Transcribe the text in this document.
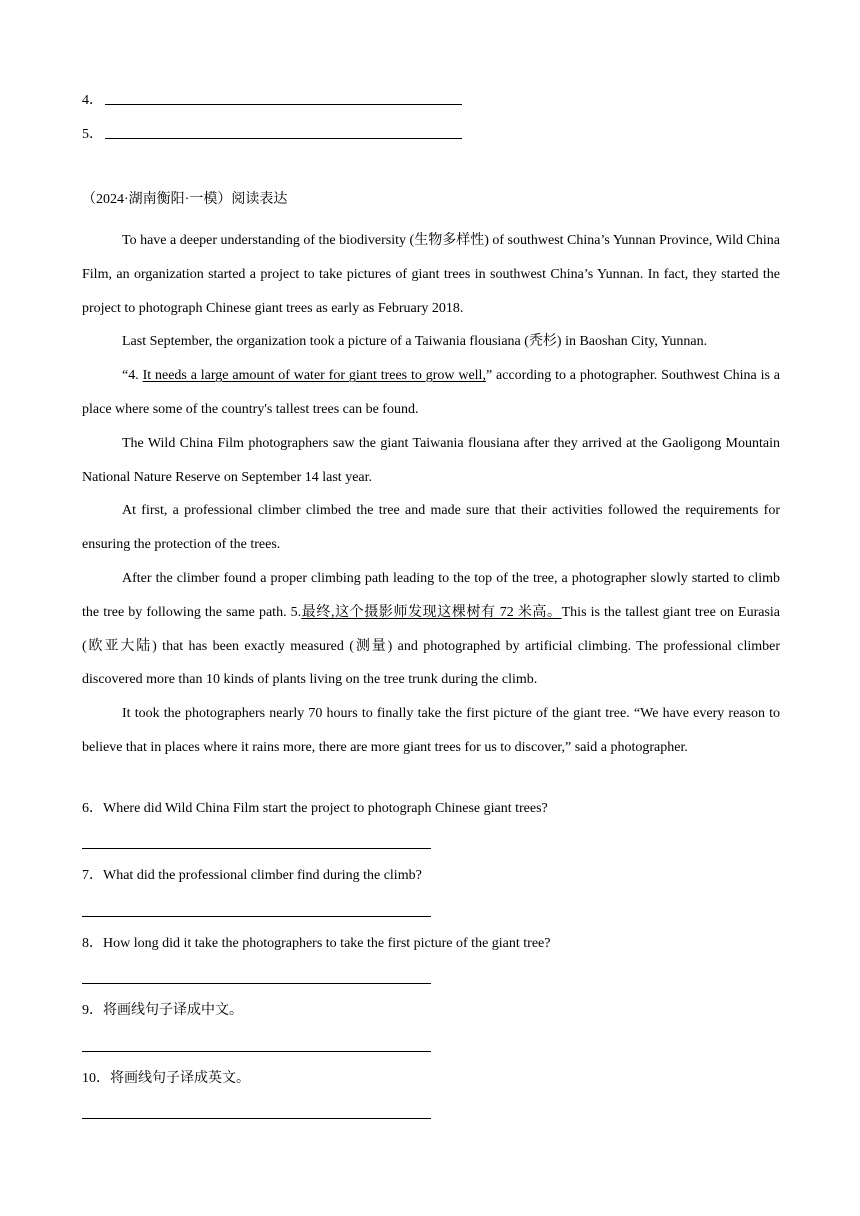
4．
5．
（2024·湖南衡阳·一模）阅读表达

To have a deeper understanding of the biodiversity (生物多样性) of southwest China’s Yunnan Province, Wild China Film, an organization started a project to take pictures of giant trees in southwest China’s Yunnan. In fact, they started the project to photograph Chinese giant trees as early as February 2018.

Last September, the organization took a picture of a Taiwania flousiana (秃杉) in Baoshan City, Yunnan.

“4. It needs a large amount of water for giant trees to grow well,” according to a photographer. Southwest China is a place where some of the country's tallest trees can be found.

The Wild China Film photographers saw the giant Taiwania flousiana after they arrived at the Gaoligong Mountain National Nature Reserve on September 14 last year.

At first, a professional climber climbed the tree and made sure that their activities followed the requirements for ensuring the protection of the trees.

After the climber found a proper climbing path leading to the top of the tree, a photographer slowly started to climb the tree by following the same path. 5.最终,这个摄影师发现这棵树有 72 米高。This is the tallest giant tree on Eurasia (欧亚大陆) that has been exactly measured (测量) and photographed by artificial climbing. The professional climber discovered more than 10 kinds of plants living on the tree trunk during the climb.

It took the photographers nearly 70 hours to finally take the first picture of the giant tree. “We have every reason to believe that in places where it rains more, there are more giant trees for us to discover,” said a photographer.

6．Where did Wild China Film start the project to photograph Chinese giant trees?
7．What did the professional climber find during the climb?
8．How long did it take the photographers to take the first picture of the giant tree?
9．将画线句子译成中文。
10．将画线句子译成英文。
